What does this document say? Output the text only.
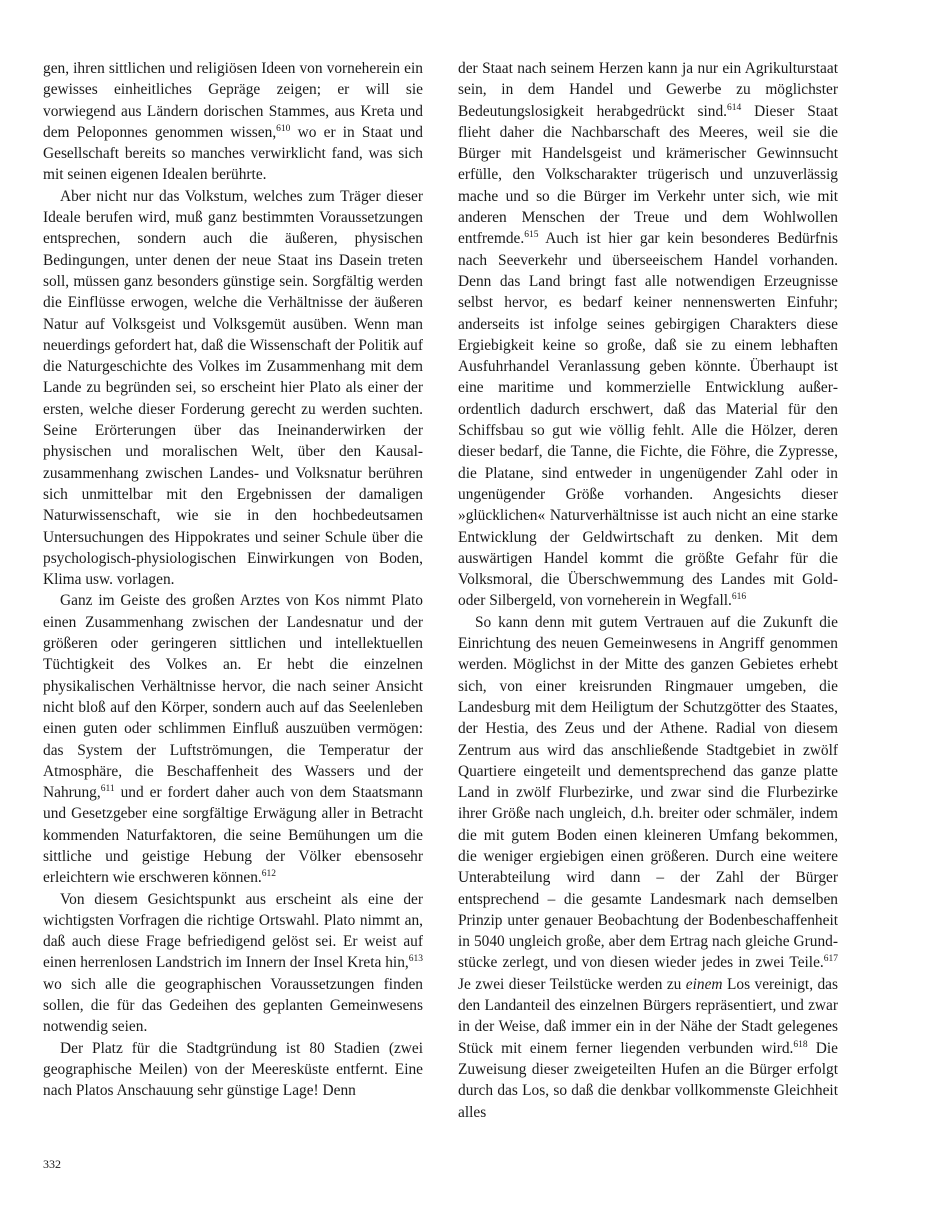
gen, ihren sittlichen und religiösen Ideen von vorneherein ein gewisses einheitliches Gepräge zeigen; er will sie vorwiegend aus Ländern dorischen Stammes, aus Kreta und dem Peloponnes genommen wissen,$^{610}$ wo er in Staat und Gesellschaft bereits so manches verwirklicht fand, was sich mit seinen eigenen Idealen berührte.

Aber nicht nur das Volkstum, welches zum Träger dieser Ideale berufen wird, muß ganz bestimmten Voraussetzungen entsprechen, sondern auch die äußeren, physischen Bedingungen, unter denen der neue Staat ins Dasein treten soll, müssen ganz besonders günstige sein. Sorgfältig werden die Einflüsse erwogen, welche die Verhältnisse der äußeren Natur auf Volksgeist und Volksgemüt ausüben. Wenn man neuerdings gefordert hat, daß die Wissenschaft der Politik auf die Naturgeschichte des Volkes im Zusammenhang mit dem Lande zu begründen sei, so erscheint hier Plato als einer der ersten, welche dieser Forderung gerecht zu werden suchten. Seine Erörterungen über das Ineinanderwirken der physischen und moralischen Welt, über den Kausalzusammenhang zwischen Landes- und Volksnatur berühren sich unmittelbar mit den Ergebnissen der damaligen Naturwissenschaft, wie sie in den hochbedeutsamen Untersuchungen des Hippokrates und seiner Schule über die psychologisch-physiologischen Einwirkungen von Boden, Klima usw. vorlagen.

Ganz im Geiste des großen Arztes von Kos nimmt Plato einen Zusammenhang zwischen der Landesnatur und der größeren oder geringeren sittlichen und intellektuellen Tüchtigkeit des Volkes an. Er hebt die einzelnen physikalischen Verhältnisse hervor, die nach seiner Ansicht nicht bloß auf den Körper, sondern auch auf das Seelenleben einen guten oder schlimmen Einfluß auszuüben vermögen: das System der Luftströmungen, die Temperatur der Atmosphäre, die Beschaffenheit des Wassers und der Nahrung,$^{611}$ und er fordert daher auch von dem Staatsmann und Gesetzgeber eine sorgfältige Erwägung aller in Betracht kommenden Naturfaktoren, die seine Bemühungen um die sittliche und geistige Hebung der Völker ebensosehr erleichtern wie erschweren können.$^{612}$

Von diesem Gesichtspunkt aus erscheint als eine der wichtigsten Vorfragen die richtige Ortswahl. Plato nimmt an, daß auch diese Frage befriedigend gelöst sei. Er weist auf einen herrenlosen Landstrich im Innern der Insel Kreta hin,$^{613}$ wo sich alle die geographischen Voraussetzungen finden sollen, die für das Gedeihen des geplanten Gemeinwesens notwendig seien.

Der Platz für die Stadtgründung ist 80 Stadien (zwei geographische Meilen) von der Meeresküste entfernt. Eine nach Platos Anschauung sehr günstige Lage! Denn

der Staat nach seinem Herzen kann ja nur ein Agrikulturstaat sein, in dem Handel und Gewerbe zu möglichster Bedeutungslosigkeit herabgedrückt sind.$^{614}$ Dieser Staat flieht daher die Nachbarschaft des Meeres, weil sie die Bürger mit Handelsgeist und krämerischer Gewinnsucht erfülle, den Volkscharakter trügerisch und unzuverlässig mache und so die Bürger im Verkehr unter sich, wie mit anderen Menschen der Treue und dem Wohlwollen entfremde.$^{615}$ Auch ist hier gar kein besonderes Bedürfnis nach Seeverkehr und überseeischem Handel vorhanden. Denn das Land bringt fast alle notwendigen Erzeugnisse selbst hervor, es bedarf keiner nennenswerten Einfuhr; anderseits ist infolge seines gebirgigen Charakters diese Ergiebigkeit keine so große, daß sie zu einem lebhaften Ausfuhrhandel Veranlassung geben könnte. Überhaupt ist eine maritime und kommerzielle Entwicklung außerordentlich dadurch erschwert, daß das Material für den Schiffsbau so gut wie völlig fehlt. Alle die Hölzer, deren dieser bedarf, die Tanne, die Fichte, die Föhre, die Zypresse, die Platane, sind entweder in ungenügender Zahl oder in ungenügender Größe vorhanden. Angesichts dieser »glücklichen« Naturverhältnisse ist auch nicht an eine starke Entwicklung der Geldwirtschaft zu denken. Mit dem auswärtigen Handel kommt die größte Gefahr für die Volksmoral, die Überschwemmung des Landes mit Gold- oder Silbergeld, von vorneherein in Wegfall.$^{616}$

So kann denn mit gutem Vertrauen auf die Zukunft die Einrichtung des neuen Gemeinwesens in Angriff genommen werden. Möglichst in der Mitte des ganzen Gebietes erhebt sich, von einer kreisrunden Ringmauer umgeben, die Landesburg mit dem Heiligtum der Schutzgötter des Staates, der Hestia, des Zeus und der Athene. Radial von diesem Zentrum aus wird das anschließende Stadtgebiet in zwölf Quartiere eingeteilt und dementsprechend das ganze platte Land in zwölf Flurbezirke, und zwar sind die Flurbezirke ihrer Größe nach ungleich, d.h. breiter oder schmäler, indem die mit gutem Boden einen kleineren Umfang bekommen, die weniger ergiebigen einen größeren. Durch eine weitere Unterabteilung wird dann – der Zahl der Bürger entsprechend – die gesamte Landesmark nach demselben Prinzip unter genauer Beobachtung der Bodenbeschaffenheit in 5040 ungleich große, aber dem Ertrag nach gleiche Grundstücke zerlegt, und von diesen wieder jedes in zwei Teile.$^{617}$ Je zwei dieser Teilstücke werden zu einem Los vereinigt, das den Landanteil des einzelnen Bürgers repräsentiert, und zwar in der Weise, daß immer ein in der Nähe der Stadt gelegenes Stück mit einem ferner liegenden verbunden wird.$^{618}$ Die Zuweisung dieser zweigeteilten Hufen an die Bürger erfolgt durch das Los, so daß die denkbar vollkommenste Gleichheit alles

332
